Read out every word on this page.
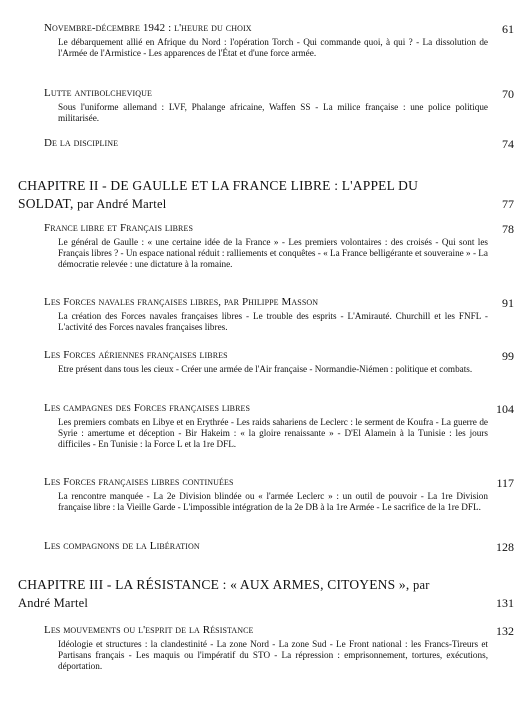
Novembre-décembre 1942 : l'heure du choix	61
Le débarquement allié en Afrique du Nord : l'opération Torch - Qui commande quoi, à qui ? - La dissolution de l'Armée de l'Armistice - Les apparences de l'État et d'une force armée.
Lutte antibolchevique	70
Sous l'uniforme allemand : LVF, Phalange africaine, Waffen SS - La milice française : une police politique militarisée.
De la discipline	74
CHAPITRE II - DE GAULLE ET LA FRANCE LIBRE : L'APPEL DU SOLDAT, par André Martel	77
France libre et Français libres	78
Le général de Gaulle : « une certaine idée de la France » - Les premiers volontaires : des croisés - Qui sont les Français libres ? - Un espace national réduit : ralliements et conquêtes - « La France belligérante et souveraine » - La démocratie relevée : une dictature à la romaine.
Les Forces navales françaises libres, par Philippe Masson	91
La création des Forces navales françaises libres - Le trouble des esprits - L'Amirauté. Churchill et les FNFL - L'activité des Forces navales françaises libres.
Les Forces aériennes françaises libres	99
Etre présent dans tous les cieux - Créer une armée de l'Air française - Normandie-Niémen : politique et combats.
Les campagnes des Forces françaises libres	104
Les premiers combats en Libye et en Erythrée - Les raids sahariens de Leclerc : le serment de Koufra - La guerre de Syrie : amertume et déception - Bir Hakeim : « la gloire renaissante » - D'El Alamein à la Tunisie : les jours difficiles - En Tunisie : la Force L et la 1re DFL.
Les Forces françaises libres continuées	117
La rencontre manquée - La 2e Division blindée ou « l'armée Leclerc » : un outil de pouvoir - La 1re Division française libre : la Vieille Garde - L'impossible intégration de la 2e DB à la 1re Armée - Le sacrifice de la 1re DFL.
Les compagnons de la Libération	128
CHAPITRE III - LA RÉSISTANCE : « AUX ARMES, CITOYENS », par André Martel	131
Les mouvements ou l'esprit de la Résistance	132
Idéologie et structures : la clandestinité - La zone Nord - La zone Sud - Le Front national : les Francs-Tireurs et Partisans français - Les maquis ou l'impératif du STO - La répression : emprisonnement, tortures, exécutions, déportation.
